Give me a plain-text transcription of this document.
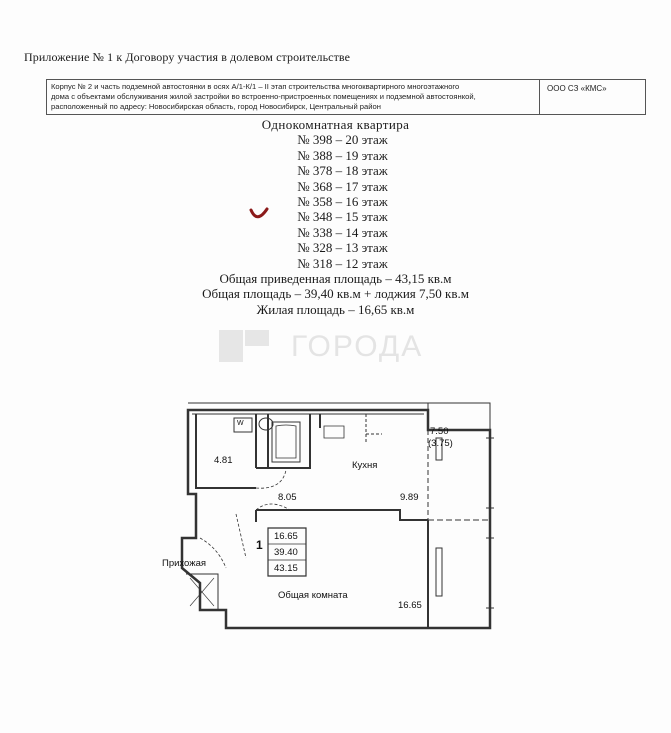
Приложение № 1 к Договору участия в долевом строительстве
Корпус № 2 и часть подземной автостоянки в осях А/1-К/1 – II этап строительства многоквартирного многоэтажного
дома с объектами обслуживания жилой застройки во встроенно-пристроенных помещениях и подземной автостоянкой,
расположенный по адресу: Новосибирская область, город Новосибирск, Центральный район
ООО СЗ «КМС»
Однокомнатная квартира
№ 398 – 20 этаж
№ 388 – 19 этаж
№ 378 – 18 этаж
№ 368 – 17 этаж
№ 358 – 16 этаж
№ 348 – 15 этаж
№ 338 – 14 этаж
№ 328 – 13 этаж
№ 318 – 12 этаж
Общая приведенная площадь – 43,15 кв.м
Общая площадь – 39,40 кв.м + лоджия 7,50 кв.м
Жилая площадь – 16,65 кв.м
ГОРОДА
7.50
(3.75)
W
4.81
8.05
Кухня
9.89
1
16.65
39.40
43.15
Прихожая
Общая комната
16.65
